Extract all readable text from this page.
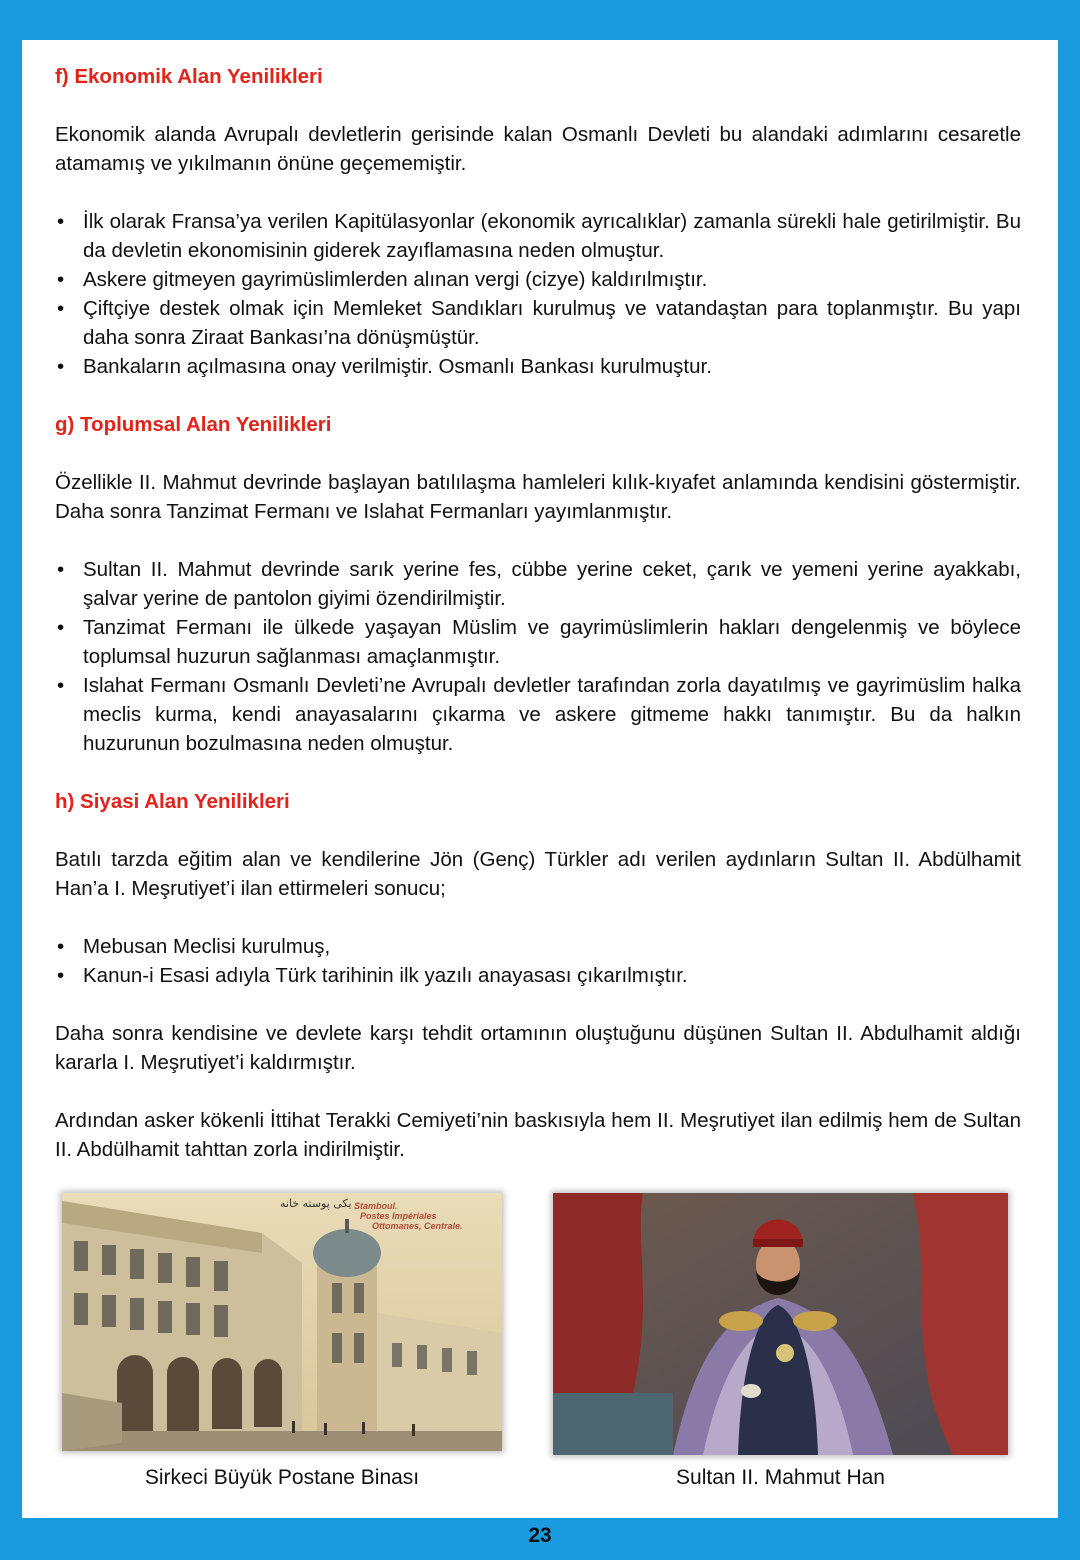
f) Ekonomik Alan Yenilikleri

Ekonomik alanda Avrupalı devletlerin gerisinde kalan Osmanlı Devleti bu alandaki adımlarını cesaretle atamamış ve yıkılmanın önüne geçememiştir.

• İlk olarak Fransa’ya verilen Kapitülasyonlar (ekonomik ayrıcalıklar) zamanla sürekli hale getirilmiştir. Bu da devletin ekonomisinin giderek zayıflamasına neden olmuştur.
• Askere gitmeyen gayrimüslimlerden alınan vergi (cizye) kaldırılmıştır.
• Çiftçiye destek olmak için Memleket Sandıkları kurulmuş ve vatandaştan para toplanmıştır. Bu yapı daha sonra Ziraat Bankası’na dönüşmüştür.
• Bankaların açılmasına onay verilmiştir. Osmanlı Bankası kurulmuştur.
g) Toplumsal Alan Yenilikleri

Özellikle II. Mahmut devrinde başlayan batılılaşma hamleleri kılık-kıyafet anlamında kendisini göstermiştir. Daha sonra Tanzimat Fermanı ve Islahat Fermanları yayımlanmıştır.

• Sultan II. Mahmut devrinde sarık yerine fes, cübbe yerine ceket, çarık ve yemeni yerine ayakkabı, şalvar yerine de pantolon giyimi özendirilmiştir.
• Tanzimat Fermanı ile ülkede yaşayan Müslim ve gayrimüslimlerin hakları dengelenmiş ve böylece toplumsal huzurun sağlanması amaçlanmıştır.
• Islahat Fermanı Osmanlı Devleti’ne Avrupalı devletler tarafından zorla dayatılmış ve gayrimüslim halka meclis kurma, kendi anayasalarını çıkarma ve askere gitmeme hakkı tanımıştır. Bu da halkın huzurunun bozulmasına neden olmuştur.
h) Siyasi Alan Yenilikleri

Batılı tarzda eğitim alan ve kendilerine Jön (Genç) Türkler adı verilen aydınların Sultan II. Abdülhamit Han’a I. Meşrutiyet’i ilan ettirmeleri sonucu;

• Mebusan Meclisi kurulmuş,
• Kanun-i Esasi adıyla Türk tarihinin ilk yazılı anayasası çıkarılmıştır.

Daha sonra kendisine ve devlete karşı tehdit ortamının oluştuğunu düşünen Sultan II. Abdulhamit aldığı kararla I. Meşrutiyet’i kaldırmıştır.

Ardından asker kökenli İttihat Terakki Cemiyeti’nin baskısıyla hem II. Meşrutiyet ilan edilmiş hem de Sultan II. Abdülhamit tahttan zorla indirilmiştir.

يكى پوسته خانه Stamboul.
Postes Impériales
Ottomanes, Centrale.
Sirkeci Büyük Postane Binası	Sultan II. Mahmut Han
23
